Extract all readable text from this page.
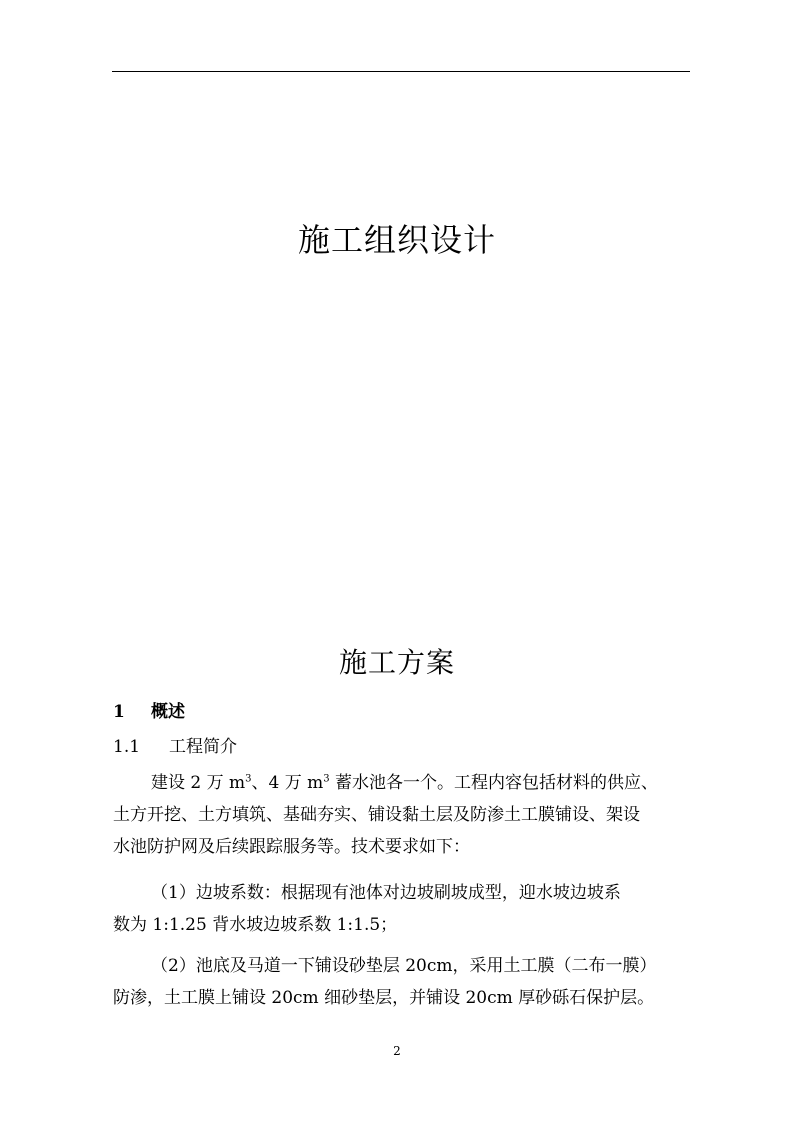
施工组织设计
施工方案
1 概述
1.1 工程简介
建设 2 万 $m^3$、4 万 $m^3$ 蓄水池各一个。工程内容包括材料的供应、
土方开挖、土方填筑、基础夯实、铺设黏土层及防渗土工膜铺设、架设
水池防护网及后续跟踪服务等。技术要求如下：
（1）边坡系数：根据现有池体对边坡刷坡成型，迎水坡边坡系
数为 1:1.25 背水坡边坡系数 1:1.5；
（2）池底及马道一下铺设砂垫层 20cm，采用土工膜（二布一膜）
防渗，土工膜上铺设 20cm 细砂垫层，并铺设 20cm 厚砂砾石保护层。
2
